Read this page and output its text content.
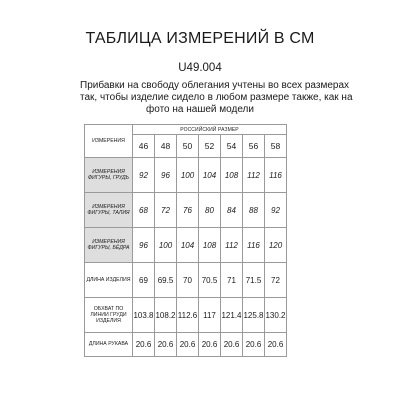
ТАБЛИЦА ИЗМЕРЕНИЙ В СМ
U49.004
Прибавки на свободу облегания учтены во всех размерах
так, чтобы изделие сидело в любом размере также, как на
фото на нашей модели
ИЗМЕРЕНИЯ	РОССИЙСКИЙ РАЗМЕР						
	46	48	50	52	54	56	58
ИЗМЕРЕНИЯ ФИГУРЫ, ГРУДЬ	92	96	100	104	108	112	116
ИЗМЕРЕНИЯ ФИГУРЫ, ТАЛИЯ	68	72	76	80	84	88	92
ИЗМЕРЕНИЯ ФИГУРЫ, БЁДРА	96	100	104	108	112	116	120
ДЛИНА ИЗДЕЛИЯ	69	69.5	70	70.5	71	71.5	72
ОБХВАТ ПО ЛИНИИ ГРУДИ ИЗДЕЛИЯ	103.8	108.2	112.6	117	121.4	125.8	130.2
ДЛИНА РУКАВА	20.6	20.6	20.6	20.6	20.6	20.6	20.6
